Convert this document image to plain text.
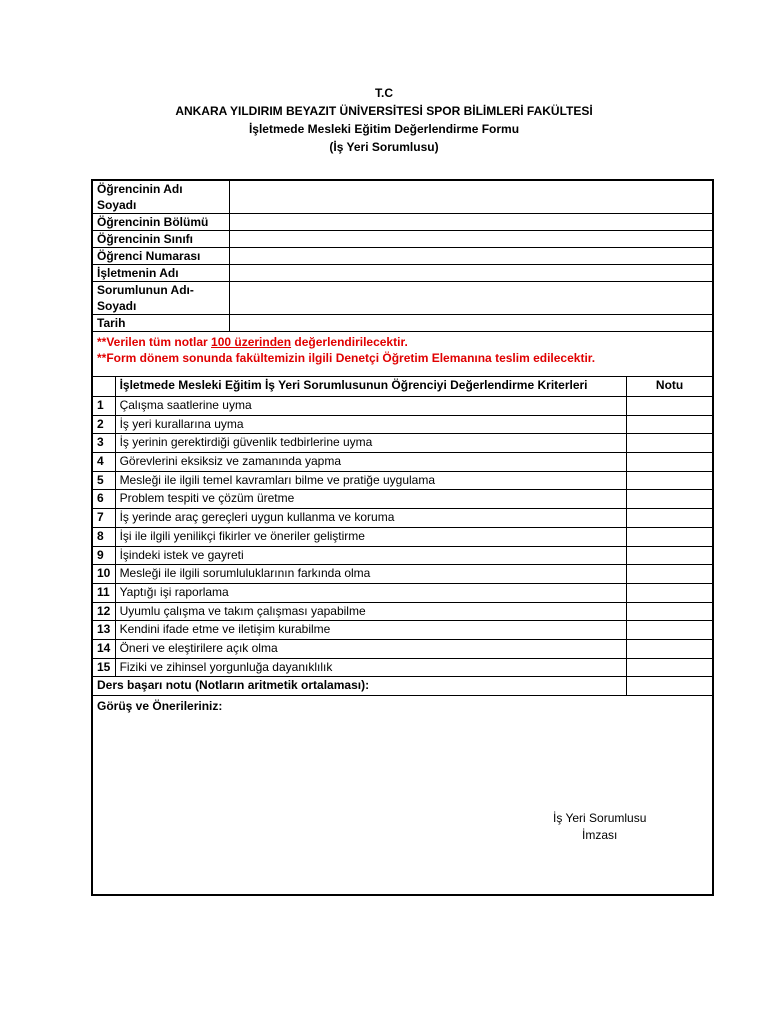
T.C
ANKARA YILDIRIM BEYAZIT ÜNİVERSİTESİ SPOR BİLİMLERİ FAKÜLTESİ
İşletmede Mesleki Eğitim Değerlendirme Formu
(İş Yeri Sorumlusu)
Öğrencinin Adı Soyadı			
Öğrencinin Bölümü			
Öğrencinin Sınıfı			
Öğrenci Numarası			
İşletmenin Adı			
Sorumlunun Adı-Soyadı			
Tarih			

**Verilen tüm notlar 100 üzerinden değerlendirilecektir.
**Form dönem sonunda fakültemizin ilgili Denetçi Öğretim Elemanına teslim edilecektir.			

	İşletmede Mesleki Eğitim İş Yeri Sorumlusunun Öğrenciyi Değerlendirme Kriterleri		Notu
1	Çalışma saatlerine uyma		
2	İş yeri kurallarına uyma		
3	İş yerinin gerektirdiği güvenlik tedbirlerine uyma		
4	Görevlerini eksiksiz ve zamanında yapma		
5	Mesleği ile ilgili temel kavramları bilme ve pratiğe uygulama		
6	Problem tespiti ve çözüm üretme		
7	İş yerinde araç gereçleri uygun kullanma ve koruma		
8	İşi ile ilgili yenilikçi fikirler ve öneriler geliştirme		
9	İşindeki istek ve gayreti		
10	Mesleği ile ilgili sorumluluklarının farkında olma		
11	Yaptığı işi raporlama		
12	Uyumlu çalışma ve takım çalışması yapabilme		
13	Kendini ifade etme ve iletişim kurabilme		
14	Öneri ve eleştirilere açık olma		
15	Fiziki ve zihinsel yorgunluğa dayanıklılık		
Ders başarı notu (Notların aritmetik ortalaması):			

Görüş ve Önerileriniz:
İş Yeri Sorumlusu
İmzası			
